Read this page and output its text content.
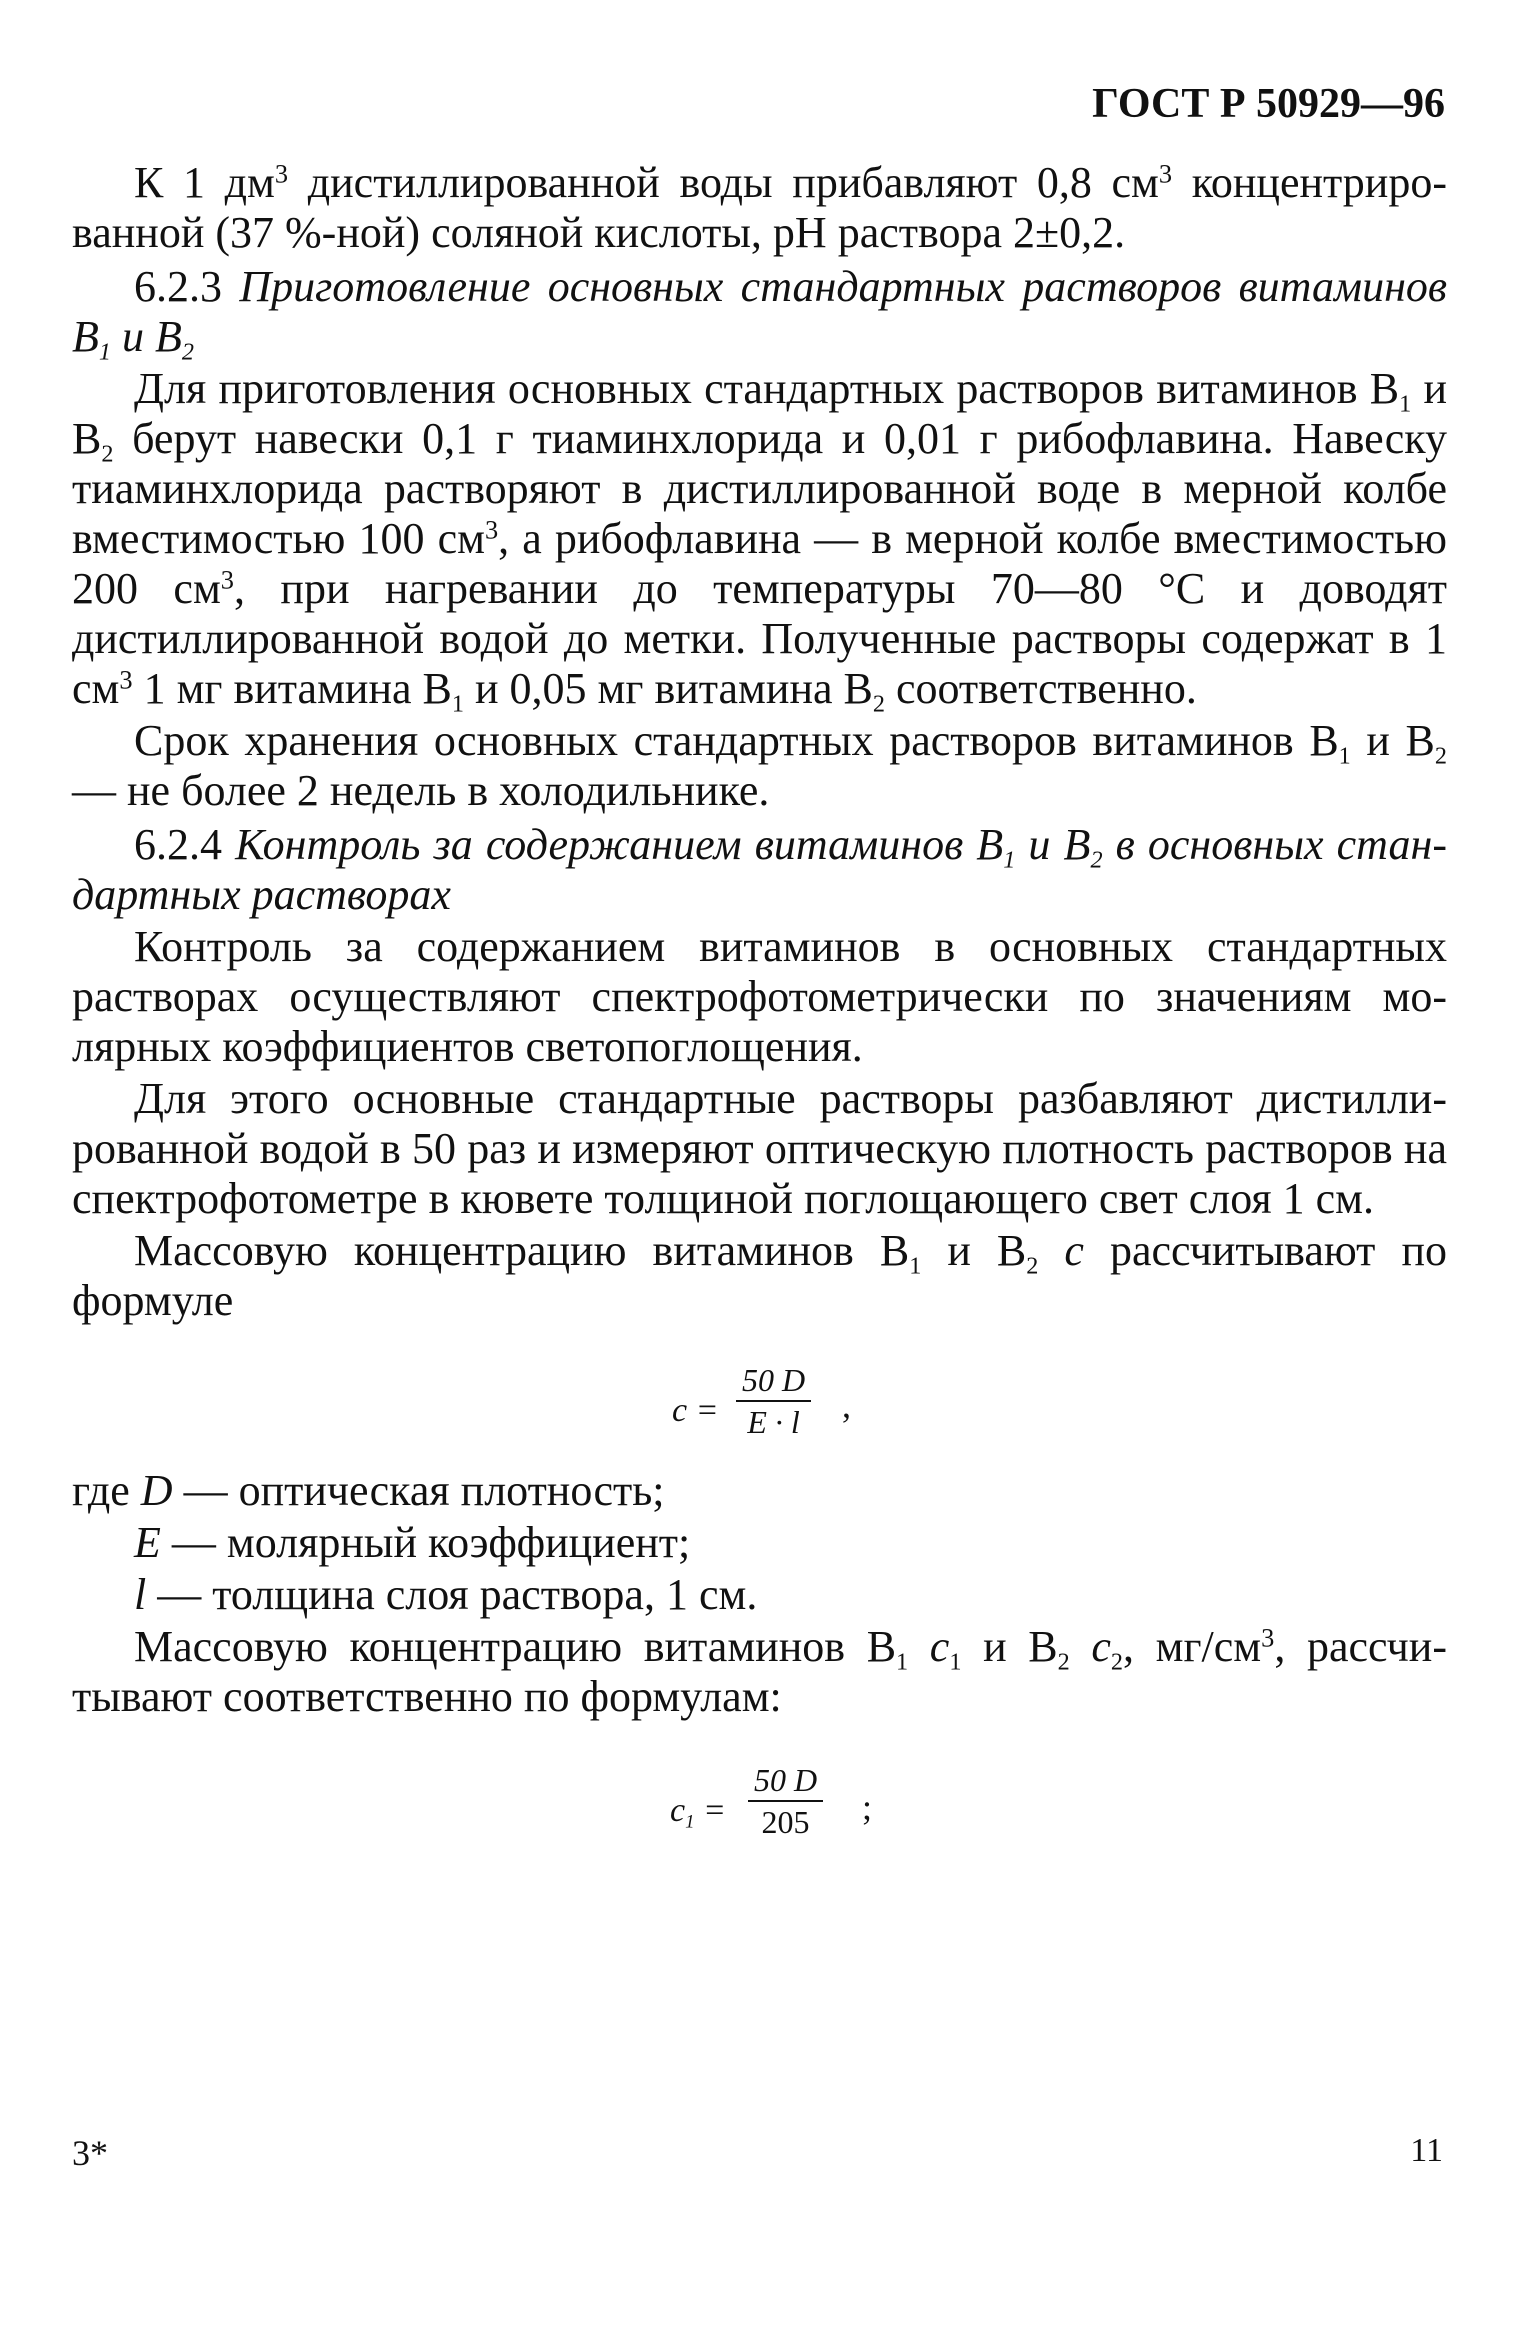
ГОСТ Р 50929—96

К 1 $дм^3$ дистиллированной воды прибавляют 0,8 $см^3$ концентрированной (37 %-ной) соляной кислоты, рН раствора 2±0,2.

6.2.3 Приготовление основных стандартных растворов витаминов $В_1$ и $В_2$

Для приготовления основных стандартных растворов витаминов $В_1$ и $В_2$ берут навески 0,1 г тиаминхлорида и 0,01 г рибофлавина. Навеску тиаминхлорида растворяют в дистиллированной воде в мерной колбе вместимостью 100 $см^3$, а рибофлавина — в мерной колбе вместимостью 200 $см^3$, при нагревании до температуры 70—80 °С и доводят дистиллированной водой до метки. Полученные растворы содержат в 1 $см^3$ 1 мг витамина $В_1$ и 0,05 мг витамина $В_2$ соответственно.

Срок хранения основных стандартных растворов витаминов $В_1$ и $В_2$ — не более 2 недель в холодильнике.

6.2.4 Контроль за содержанием витаминов $В_1$ и $В_2$ в основных стандартных растворах

Контроль за содержанием витаминов в основных стандартных растворах осуществляют спектрофотометрически по значениям молярных коэффициентов светопоглощения.

Для этого основные стандартные растворы разбавляют дистиллированной водой в 50 раз и измеряют оптическую плотность растворов на спектрофотометре в кювете толщиной поглощающего свет слоя 1 см.

Массовую концентрацию витаминов $В_1$ и $В_2$ с рассчитывают по формуле

$c = \frac{50 D}{E \cdot l}$ ,

где D — оптическая плотность;

E — молярный коэффициент;

l — толщина слоя раствора, 1 см.

Массовую концентрацию витаминов $В_1$ $с_1$ и $В_2$ $с_2$, $мг/см^3$, рассчитывают соответственно по формулам:

$c_1 = \frac{50 D}{205}$ ;
3*	11
